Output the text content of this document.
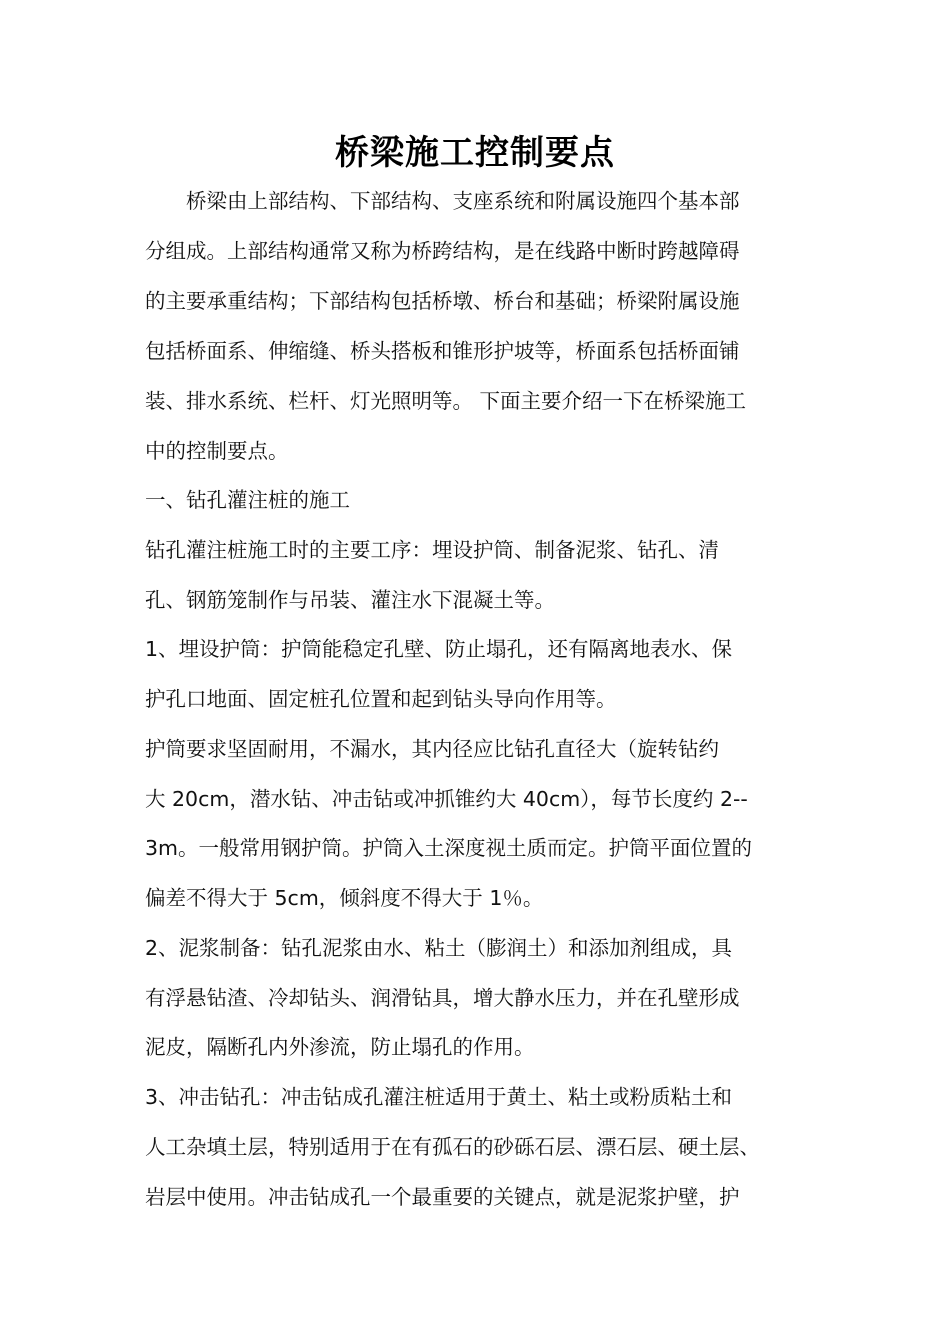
桥梁施工控制要点
　　桥梁由上部结构、下部结构、支座系统和附属设施四个基本部
分组成。上部结构通常又称为桥跨结构，是在线路中断时跨越障碍
的主要承重结构；下部结构包括桥墩、桥台和基础；桥梁附属设施
包括桥面系、伸缩缝、桥头搭板和锥形护坡等，桥面系包括桥面铺
装、排水系统、栏杆、灯光照明等。 下面主要介绍一下在桥梁施工
中的控制要点。
一、钻孔灌注桩的施工
钻孔灌注桩施工时的主要工序：埋设护筒、制备泥浆、钻孔、清
孔、钢筋笼制作与吊装、灌注水下混凝土等。
1、埋设护筒：护筒能稳定孔壁、防止塌孔，还有隔离地表水、保
护孔口地面、固定桩孔位置和起到钻头导向作用等。
护筒要求坚固耐用，不漏水，其内径应比钻孔直径大（旋转钻约
大 20cm，潜水钻、冲击钻或冲抓锥约大 40cm），每节长度约 2--
3m。一般常用钢护筒。护筒入土深度视土质而定。护筒平面位置的
偏差不得大于 5cm，倾斜度不得大于 1％。
2、泥浆制备：钻孔泥浆由水、粘土（膨润土）和添加剂组成，具
有浮悬钻渣、冷却钻头、润滑钻具，增大静水压力，并在孔壁形成
泥皮，隔断孔内外渗流，防止塌孔的作用。
3、冲击钻孔：冲击钻成孔灌注桩适用于黄土、粘土或粉质粘土和
人工杂填土层，特别适用于在有孤石的砂砾石层、漂石层、硬土层、
岩层中使用。冲击钻成孔一个最重要的关键点，就是泥浆护壁，护
